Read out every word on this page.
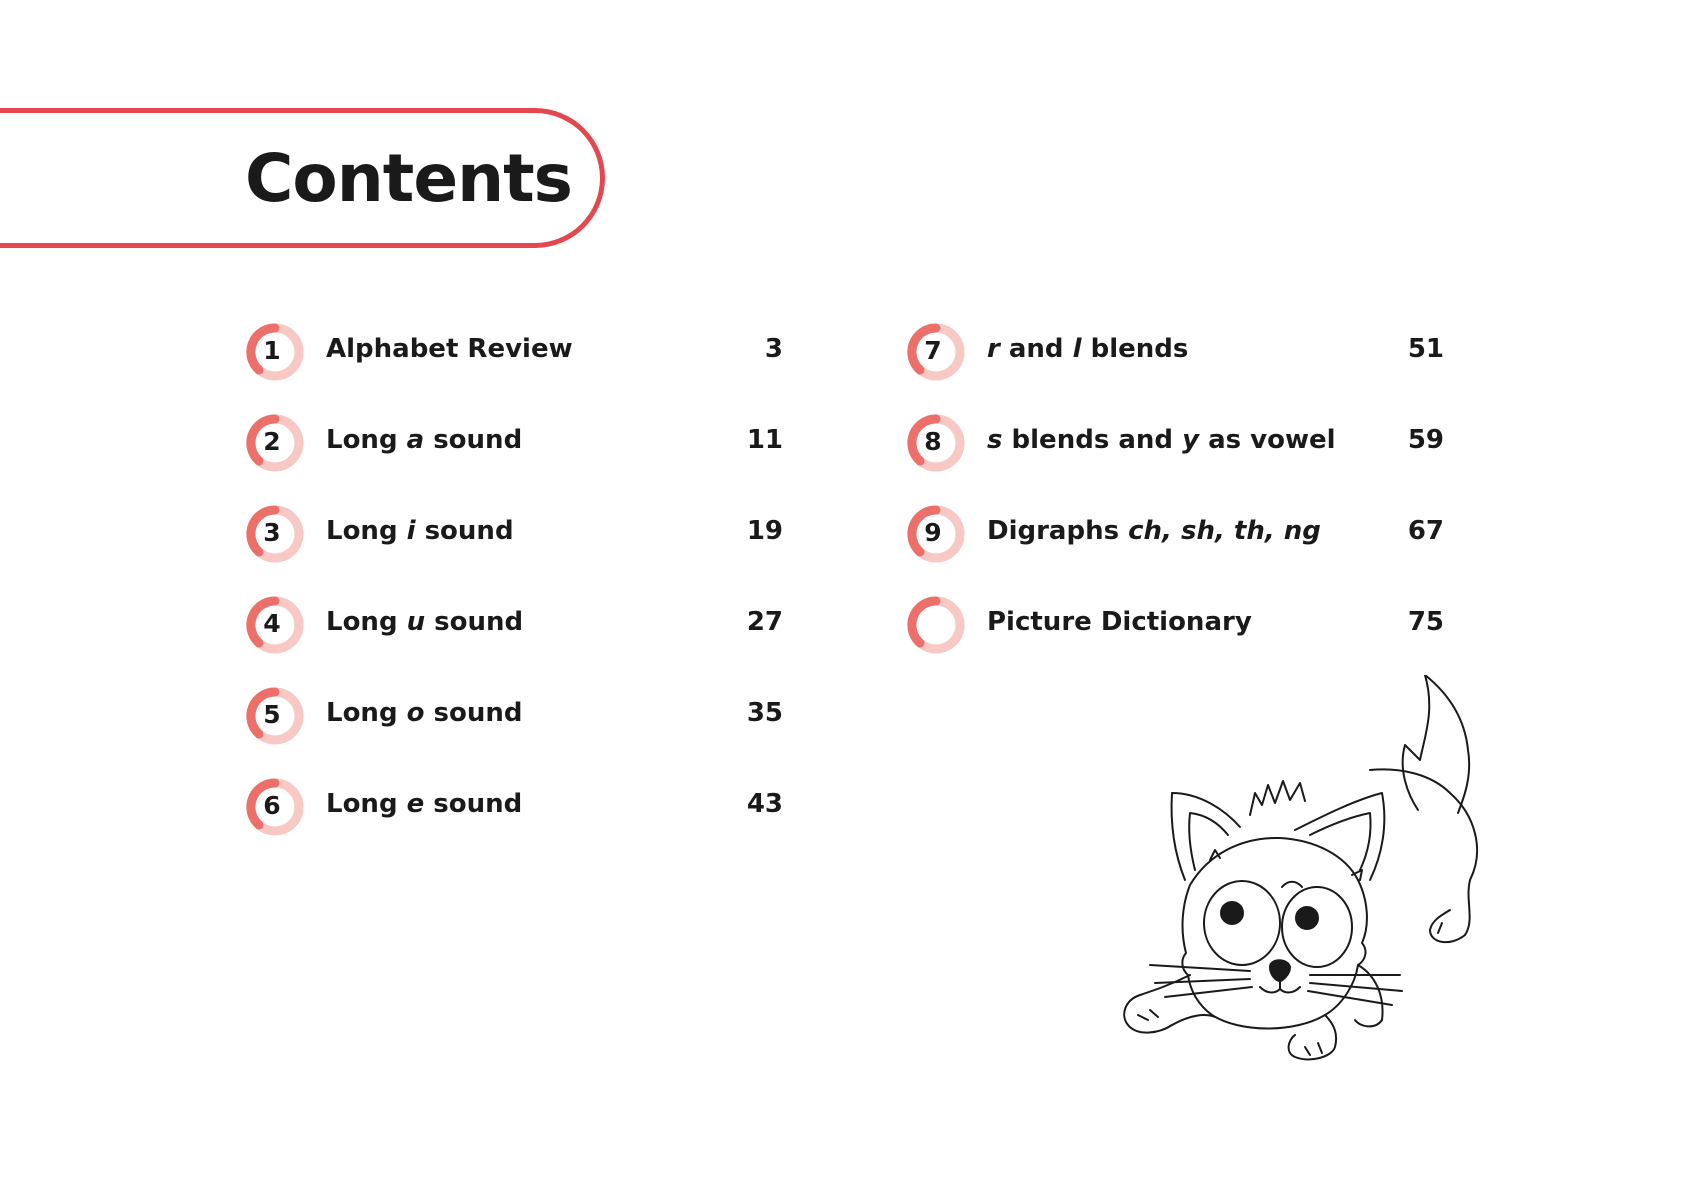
Contents
1	Alphabet Review	3
2	Long a sound	11
3	Long i sound	19
4	Long u sound	27
5	Long o sound	35
6	Long e sound	43
7	r and l blends	51
8	s blends and y as vowel	59
9	Digraphs ch, sh, th, ng	67
Picture Dictionary	75
